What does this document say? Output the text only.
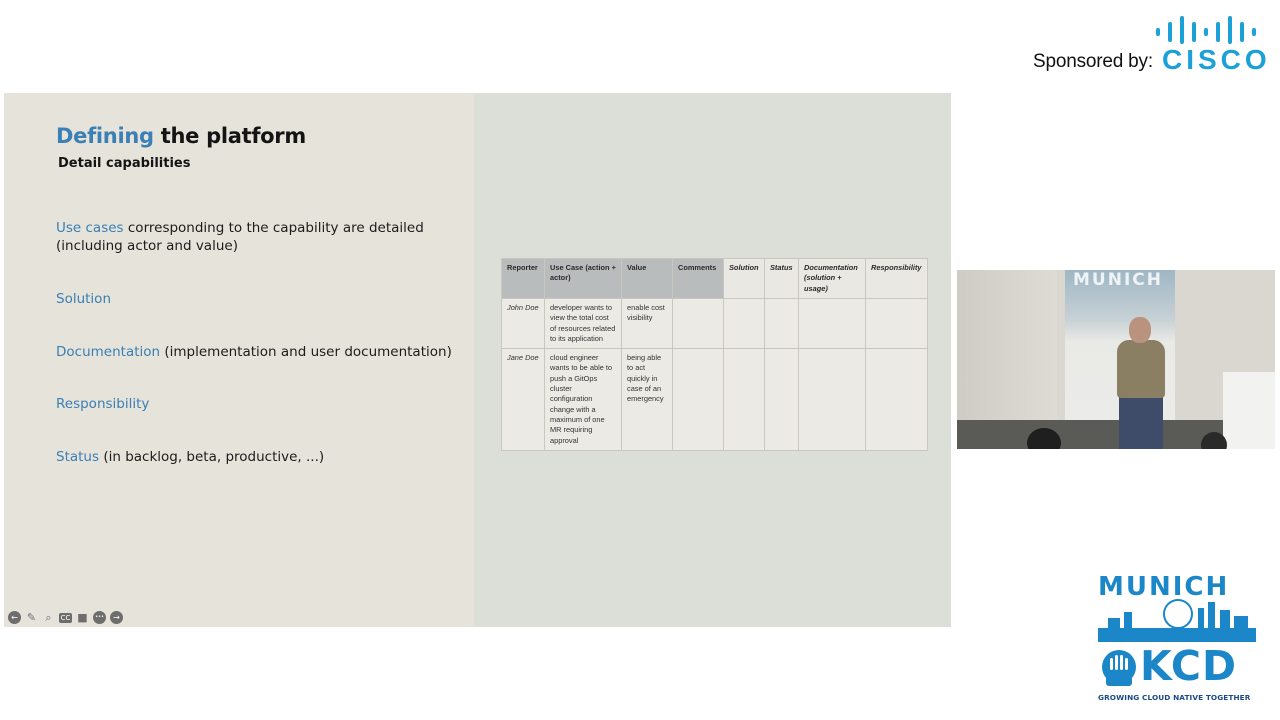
Sponsored by: CISCO
Defining the platform
Detail capabilities
Use cases corresponding to the capability are detailed
(including actor and value)
Solution
Documentation (implementation and user documentation)
Responsibility
Status (in backlog, beta, productive, ...)
Reporter	Use Case (action + actor)	Value	Comments	Solution	Status	Documentation (solution + usage)	Responsibility
John Doe	developer wants to view the total cost of resources related to its application	enable cost visibility					
Jane Doe	cloud engineer wants to be able to push a GitOps cluster configuration change with a maximum of one MR requiring approval	being able to act quickly in case of an emergency					
← ✎ ⌕	CC ■	•••	→
MUNICH
MUNICH
KCD
GROWING CLOUD NATIVE TOGETHER
